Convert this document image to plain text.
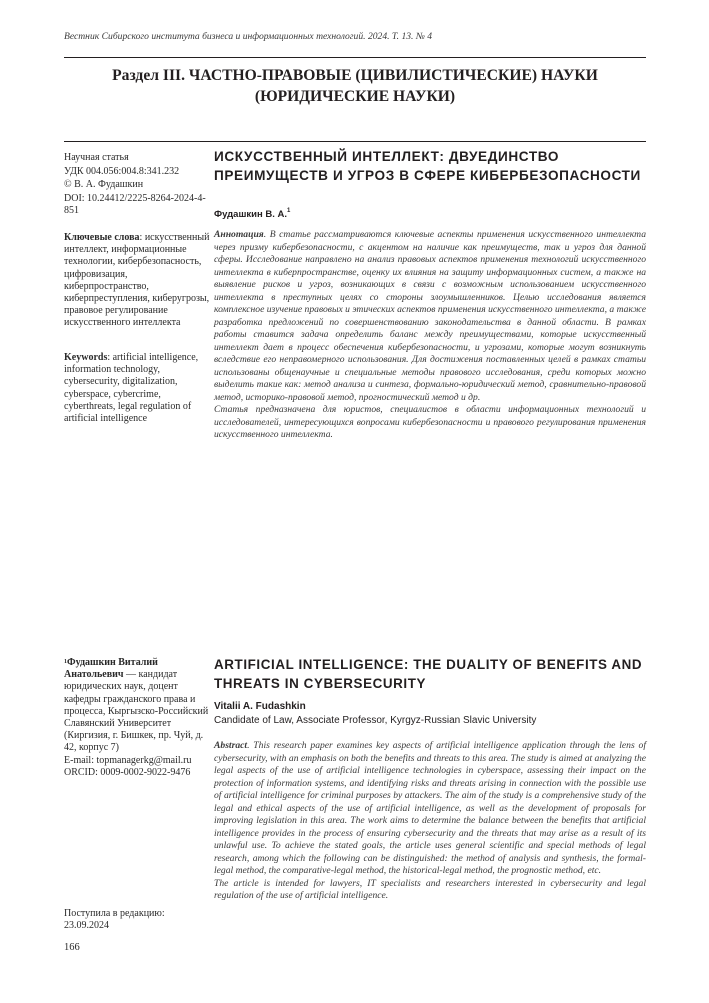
Вестник Сибирского института бизнеса и информационных технологий. 2024. Т. 13. № 4
Раздел III. ЧАСТНО-ПРАВОВЫЕ (ЦИВИЛИСТИЧЕСКИЕ) НАУКИ
(ЮРИДИЧЕСКИЕ НАУКИ)
Научная статья
УДК 004.056:004.8:341.232
© В. А. Фудашкин
DOI: 10.24412/2225-8264-2024-4-851
Ключевые слова: искусственный интеллект, информационные технологии, кибербезопасность, цифровизация, киберпространство, киберпреступления, киберугрозы, правовое регулирование искусственного интеллекта
Keywords: artificial intelligence, information technology, cybersecurity, digitalization, cyberspace, cybercrime, cyberthreats, legal regulation of artificial intelligence
$^1$Фудашкин Виталий Анатольевич — кандидат юридических наук, доцент кафедры гражданского права и процесса, Кыргызско-Российский Славянский Университет (Киргизия, г. Бишкек, пр. Чуй, д. 42, корпус 7)
E-mail: topmanagerkg@mail.ru
ORCID: 0009-0002-9022-9476
Поступила в редакцию:
23.09.2024
166
ИСКУССТВЕННЫЙ ИНТЕЛЛЕКТ: ДВУЕДИНСТВО ПРЕИМУЩЕСТВ И УГРОЗ В СФЕРЕ КИБЕРБЕЗОПАСНОСТИ
Фудашкин В. А.$^1$
Аннотация. В статье рассматриваются ключевые аспекты применения искусственного интеллекта через призму кибербезопасности, с акцентом на наличие как преимуществ, так и угроз для данной сферы. Исследование направлено на анализ правовых аспектов применения технологий искусственного интеллекта в киберпространстве, оценку их влияния на защиту информационных систем, а также на выявление рисков и угроз, возникающих в связи с возможным использованием искусственного интеллекта в преступных целях со стороны злоумышленников. Целью исследования является комплексное изучение правовых и этических аспектов применения искусственного интеллекта, а также разработка предложений по совершенствованию законодательства в данной области. В рамках работы ставится задача определить баланс между преимуществами, которые искусственный интеллект дает в процесс обеспечения кибербезопасности, и угрозами, которые могут возникнуть вследствие его неправомерного использования. Для достижения поставленных целей в рамках статьи использованы общенаучные и специальные методы правового исследования, среди которых можно выделить такие как: метод анализа и синтеза, формально-юридический метод, сравнительно-правовой метод, историко-правовой метод, прогностический метод и др.
Статья предназначена для юристов, специалистов в области информационных технологий и исследователей, интересующихся вопросами кибербезопасности и правового регулирования применения искусственного интеллекта.
ARTIFICIAL INTELLIGENCE: THE DUALITY OF BENEFITS AND THREATS IN CYBERSECURITY
Vitalii A. Fudashkin
Candidate of Law, Associate Professor, Kyrgyz-Russian Slavic University
Abstract. This research paper examines key aspects of artificial intelligence application through the lens of cybersecurity, with an emphasis on both the benefits and threats to this area. The study is aimed at analyzing the legal aspects of the use of artificial intelligence technologies in cyberspace, assessing their impact on the protection of information systems, and identifying risks and threats arising in connection with the possible use of artificial intelligence for criminal purposes by attackers. The aim of the study is a comprehensive study of the legal and ethical aspects of the use of artificial intelligence, as well as the development of proposals for improving legislation in this area. The work aims to determine the balance between the benefits that artificial intelligence provides in the process of ensuring cybersecurity and the threats that may arise as a result of its unlawful use. To achieve the stated goals, the article uses general scientific and special methods of legal research, among which the following can be distinguished: the method of analysis and synthesis, the formal-legal method, the comparative-legal method, the historical-legal method, the prognostic method, etc.
The article is intended for lawyers, IT specialists and researchers interested in cybersecurity and legal regulation of the use of artificial intelligence.
